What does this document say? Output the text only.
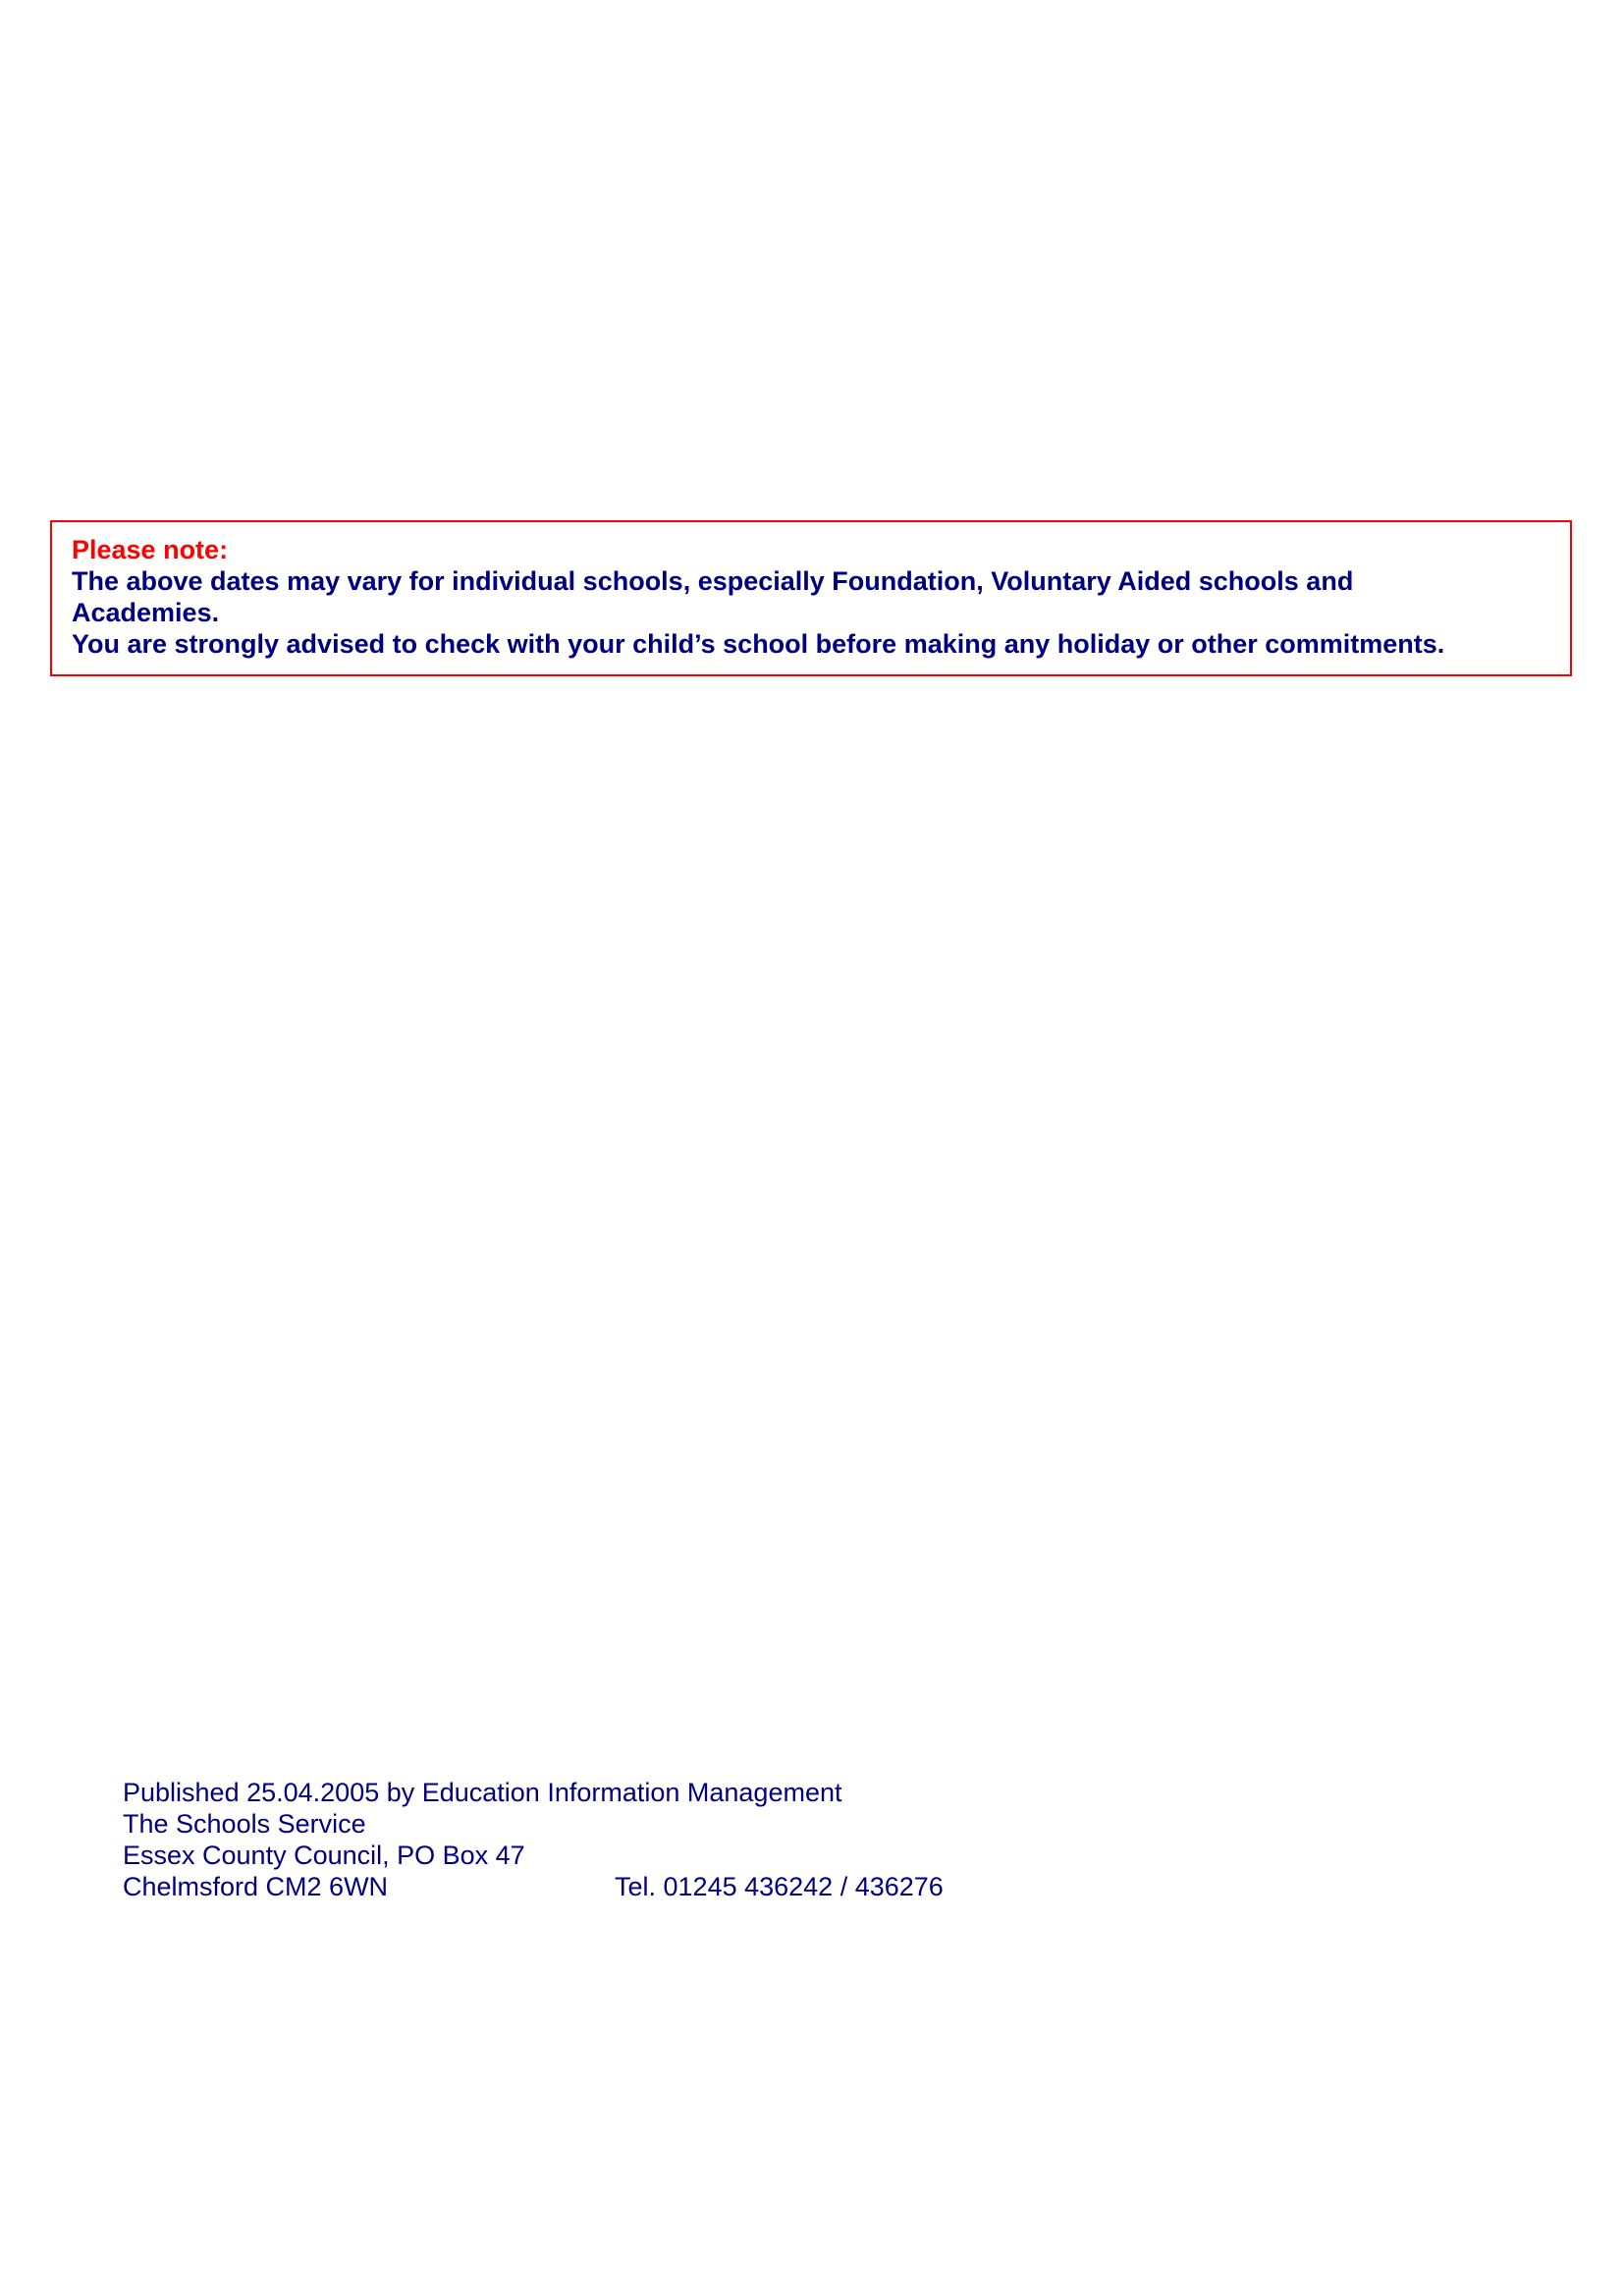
Please note:

The above dates may vary for individual schools, especially Foundation, Voluntary Aided schools and

Academies.

You are strongly advised to check with your child’s school before making any holiday or other commitments.

Published 25.04.2005 by Education Information Management

The Schools Service

Essex County Council, PO Box 47

Chelmsford CM2 6WN	Tel. 01245 436242 / 436276
